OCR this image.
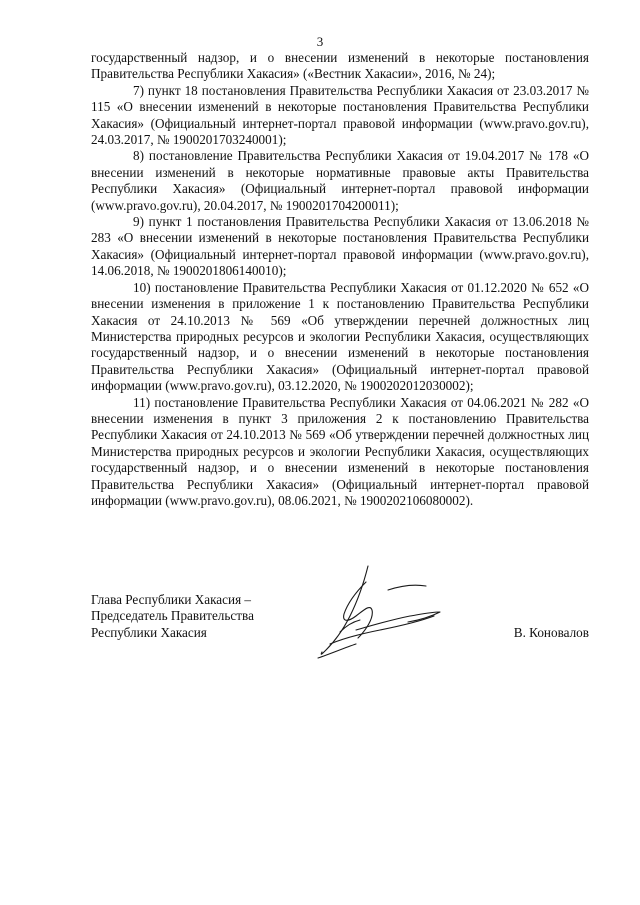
3

государственный надзор, и о внесении изменений в некоторые постановления Правительства Республики Хакасия» («Вестник Хакасии», 2016, № 24);

7) пункт 18 постановления Правительства Республики Хакасия от 23.03.2017 № 115 «О внесении изменений в некоторые постановления Правительства Республики Хакасия» (Официальный интернет-портал правовой информации (www.pravo.gov.ru), 24.03.2017, № 1900201703240001);

8) постановление Правительства Республики Хакасия от 19.04.2017 № 178 «О внесении изменений в некоторые нормативные правовые акты Правительства Республики Хакасия» (Официальный интернет-портал правовой информации (www.pravo.gov.ru), 20.04.2017, № 1900201704200011);

9) пункт 1 постановления Правительства Республики Хакасия от 13.06.2018 № 283 «О внесении изменений в некоторые постановления Правительства Республики Хакасия» (Официальный интернет-портал правовой информации (www.pravo.gov.ru), 14.06.2018, № 1900201806140010);

10) постановление Правительства Республики Хакасия от 01.12.2020 № 652 «О внесении изменения в приложение 1 к постановлению Правительства Республики Хакасия от 24.10.2013 № 569 «Об утверждении перечней должностных лиц Министерства природных ресурсов и экологии Республики Хакасия, осуществляющих государственный надзор, и о внесении изменений в некоторые постановления Правительства Республики Хакасия» (Официальный интернет-портал правовой информации (www.pravo.gov.ru), 03.12.2020, № 1900202012030002);

11) постановление Правительства Республики Хакасия от 04.06.2021 № 282 «О внесении изменения в пункт 3 приложения 2 к постановлению Правительства Республики Хакасия от 24.10.2013 № 569 «Об утверждении перечней должностных лиц Министерства природных ресурсов и экологии Республики Хакасия, осуществляющих государственный надзор, и о внесении изменений в некоторые постановления Правительства Республики Хакасия» (Официальный интернет-портал правовой информации (www.pravo.gov.ru), 08.06.2021, № 1900202106080002).

Глава Республики Хакасия –
Председатель Правительства
Республики Хакасия	В. Коновалов
